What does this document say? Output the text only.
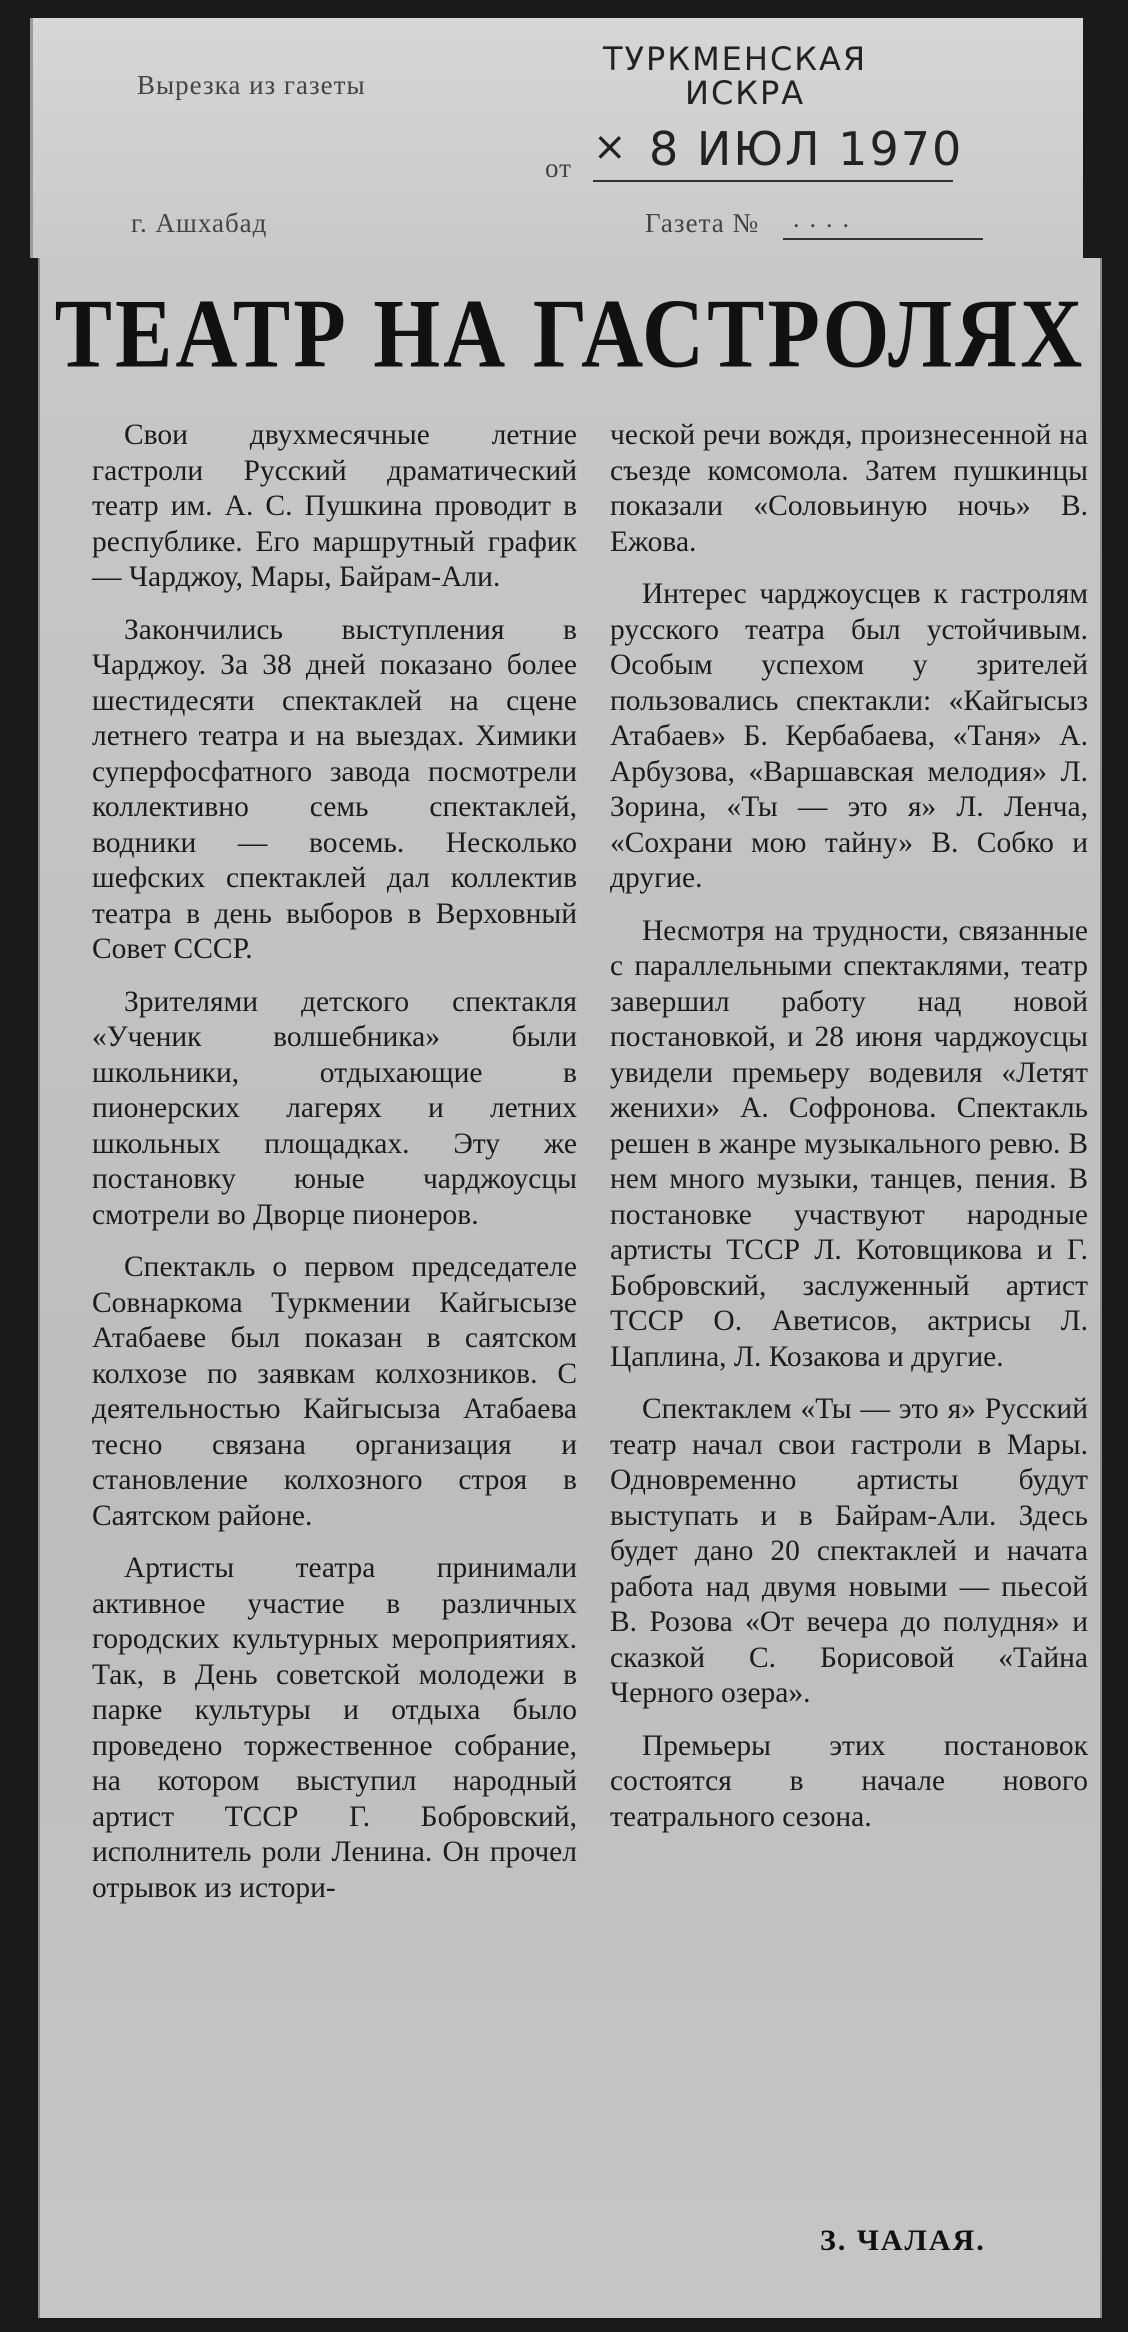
Вырезка из газеты
ТУРКМЕНСКАЯ
ИСКРА
от × 8 ИЮЛ 1970
г. Ашхабад	Газета № ....
ТЕАТР НА ГАСТРОЛЯХ

Свои двухмесячные летние гастроли Русский драматический театр им. А. С. Пушкина проводит в республике. Его маршрутный график — Чарджоу, Мары, Байрам-Али.

Закончились выступления в Чарджоу. За 38 дней показано более шестидесяти спектаклей на сцене летнего театра и на выездах. Химики суперфосфатного завода посмотрели коллективно семь спектаклей, водники — восемь. Несколько шефских спектаклей дал коллектив театра в день выборов в Верховный Совет СССР.

Зрителями детского спектакля «Ученик волшебника» были школьники, отдыхающие в пионерских лагерях и летних школьных площадках. Эту же постановку юные чарджоусцы смотрели во Дворце пионеров.

Спектакль о первом председателе Совнаркома Туркмении Кайгысызе Атабаеве был показан в саятском колхозе по заявкам колхозников. С деятельностью Кайгысыза Атабаева тесно связана организация и становление колхозного строя в Саятском районе.

Артисты театра принимали активное участие в различных городских культурных мероприятиях. Так, в День советской молодежи в парке культуры и отдыха было проведено торжественное собрание, на котором выступил народный артист ТССР Г. Бобровский, исполнитель роли Ленина. Он прочел отрывок из истори-

ческой речи вождя, произнесенной на съезде комсомола. Затем пушкинцы показали «Соловьиную ночь» В. Ежова.

Интерес чарджоусцев к гастролям русского театра был устойчивым. Особым успехом у зрителей пользовались спектакли: «Кайгысыз Атабаев» Б. Кербабаева, «Таня» А. Арбузова, «Варшавская мелодия» Л. Зорина, «Ты — это я» Л. Ленча, «Сохрани мою тайну» В. Собко и другие.

Несмотря на трудности, связанные с параллельными спектаклями, театр завершил работу над новой постановкой, и 28 июня чарджоусцы увидели премьеру водевиля «Летят женихи» А. Софронова. Спектакль решен в жанре музыкального ревю. В нем много музыки, танцев, пения. В постановке участвуют народные артисты ТССР Л. Котовщикова и Г. Бобровский, заслуженный артист ТССР О. Аветисов, актрисы Л. Цаплина, Л. Козакова и другие.

Спектаклем «Ты — это я» Русский театр начал свои гастроли в Мары. Одновременно артисты будут выступать и в Байрам-Али. Здесь будет дано 20 спектаклей и начата работа над двумя новыми — пьесой В. Розова «От вечера до полудня» и сказкой С. Борисовой «Тайна Черного озера».

Премьеры этих постановок состоятся в начале нового театрального сезона.

З. ЧАЛАЯ.
